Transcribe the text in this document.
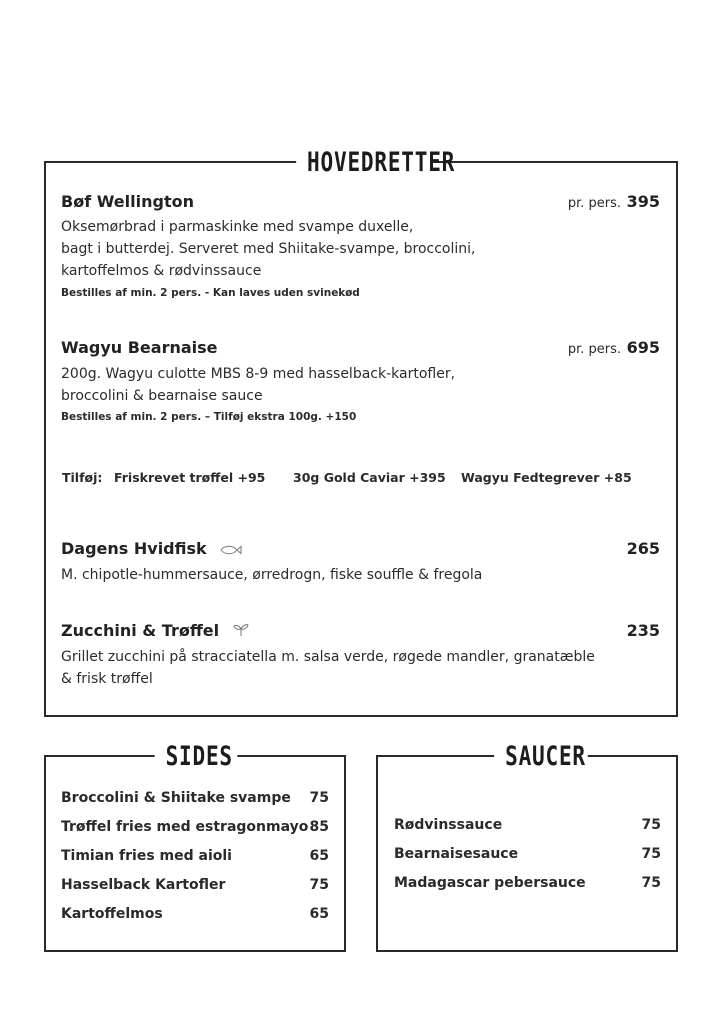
HOVEDRETTER
Bøf Wellington	pr. pers. 395
Oksemørbrad i parmaskinke med svampe duxelle,
bagt i butterdej. Serveret med Shiitake-svampe, broccolini,
kartoffelmos & rødvinssauce
Bestilles af min. 2 pers. - Kan laves uden svinekød
Wagyu Bearnaise	pr. pers. 695
200g. Wagyu culotte MBS 8-9 med hasselback-kartofler,
broccolini & bearnaise sauce
Bestilles af min. 2 pers. – Tilføj ekstra 100g. +150
Tilføj: Friskrevet trøffel +95 30g Gold Caviar +395 Wagyu Fedtegrever +85
Dagens Hvidfisk	265
M. chipotle-hummersauce, ørredrogn, fiske souffle & fregola
Zucchini & Trøffel	235
Grillet zucchini på stracciatella m. salsa verde, røgede mandler, granatæble
& frisk trøffel
SIDES
Broccolini & Shiitake svampe 75
Trøffel fries med estragonmayo 85
Timian fries med aioli	65
Hasselback Kartofler	75
Kartoffelmos	65
SAUCER
Rødvinssauce	75
Bearnaisesauce	75
Madagascar pebersauce	75
